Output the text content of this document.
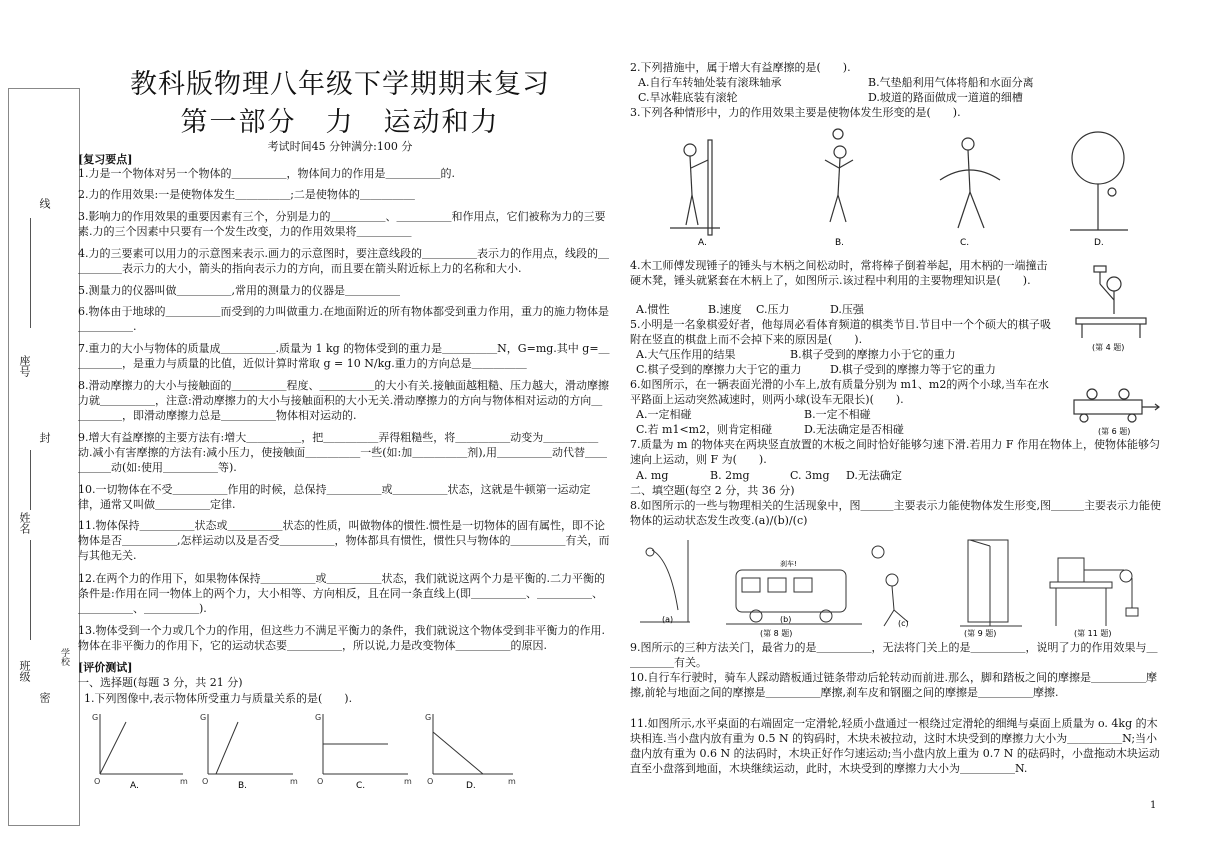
线
座号
封
姓名
班级
密
学校
教科版物理八年级下学期期末复习
第一部分　力　运动和力
考试时间45 分钟满分:100 分
[复习要点]
1.力是一个物体对另一个物体的＿＿＿＿＿，物体间力的作用是＿＿＿＿＿的.
2.力的作用效果:一是使物体发生＿＿＿＿＿;二是使物体的＿＿＿＿＿
3.影响力的作用效果的重要因素有三个，分别是力的＿＿＿＿＿、＿＿＿＿＿和作用点，它们被称为力的三要素.力的三个因素中只要有一个发生改变，力的作用效果将＿＿＿＿＿
4.力的三要素可以用力的示意图来表示.画力的示意图时，要注意线段的＿＿＿＿＿表示力的作用点，线段的＿＿＿＿＿表示力的大小，箭头的指向表示力的方向，而且要在箭头附近标上力的名称和大小.
5.测量力的仪器叫做＿＿＿＿＿,常用的测量力的仪器是＿＿＿＿＿
6.物体由于地球的＿＿＿＿＿而受到的力叫做重力.在地面附近的所有物体都受到重力作用，重力的施力物体是＿＿＿＿＿.
7.重力的大小与物体的质量成＿＿＿＿＿.质量为 1 kg 的物体受到的重力是＿＿＿＿＿N，G=mg.其中 g=＿＿＿＿＿，是重力与质量的比值，近似计算时常取 g = 10 N/kg.重力的方向总是＿＿＿＿＿
8.滑动摩擦力的大小与接触面的＿＿＿＿＿程度、＿＿＿＿＿的大小有关.接触面越粗糙、压力越大，滑动摩擦力就＿＿＿＿＿，注意:滑动摩擦力的大小与接触面积的大小无关.滑动摩擦力的方向与物体相对运动的方向＿＿＿＿＿，即滑动摩擦力总是＿＿＿＿＿物体相对运动的.
9.增大有益摩擦的主要方法有:增大＿＿＿＿＿，把＿＿＿＿＿弄得粗糙些，将＿＿＿＿＿动变为＿＿＿＿＿动.减小有害摩擦的方法有:减小压力，使接触面＿＿＿＿＿一些(如:加＿＿＿＿＿剂),用＿＿＿＿＿动代替＿＿＿＿＿动(如:使用＿＿＿＿＿等).
10.一切物体在不受＿＿＿＿＿作用的时候，总保持＿＿＿＿＿或＿＿＿＿＿状态，这就是牛顿第一运动定律，通常又叫做＿＿＿＿＿定律.
11.物体保持＿＿＿＿＿状态或＿＿＿＿＿状态的性质，叫做物体的惯性.惯性是一切物体的固有属性，即不论物体是否＿＿＿＿＿,怎样运动以及是否受＿＿＿＿＿，物体都具有惯性，惯性只与物体的＿＿＿＿＿有关，而与其他无关.
12.在两个力的作用下，如果物体保持＿＿＿＿＿或＿＿＿＿＿状态，我们就说这两个力是平衡的.二力平衡的条件是:作用在同一物体上的两个力，大小相等、方向相反，且在同一条直线上(即＿＿＿＿＿、＿＿＿＿＿、＿＿＿＿＿、＿＿＿＿＿).
13.物体受到一个力或几个力的作用，但这些力不满足平衡力的条件，我们就说这个物体受到非平衡力的作用.物体在非平衡力的作用下，它的运动状态要＿＿＿＿＿，所以说,力是改变物体＿＿＿＿＿的原因.
[评价测试]
一、选择题(每题 3 分，共 21 分)
1.下列图像中,表示物体所受重力与质量关系的是(　　).
G
m
O
G
m
O
G
m
O
G
m
O
A.	B.	C.	D.
2.下列措施中，属于增大有益摩擦的是(　　).
A.自行车转轴处装有滚珠轴承	B.气垫船利用气体将船和水面分离
C.旱冰鞋底装有滚轮	D.坡道的路面做成一道道的细槽
3.下列各种情形中，力的作用效果主要是使物体发生形变的是(　　).
A.	B.	C.	D.
4.木工师傅发现锤子的锤头与木柄之间松动时，常将棒子倒着举起，用木柄的一端撞击硬木凳，锤头就紧套在木柄上了，如图所示.该过程中利用的主要物理知识是(　　).
A.惯性	B.速度 C.压力	D.压强
(第 4 题)
5.小明是一名象棋爱好者，他每周必看体育频道的棋类节目.节目中一个个硕大的棋子吸附在竖直的棋盘上而不会掉下来的原因是(　　).
A.大气压作用的结果	B.棋子受到的摩擦力小于它的重力
C.棋子受到的摩擦力大于它的重力	D.棋子受到的摩擦力等于它的重力
6.如图所示，在一辆表面光滑的小车上,放有质量分别为 m1、m2的两个小球,当车在水平路面上运动突然减速时，则两小球(设车无限长)(　　).
A.一定相碰	B.一定不相碰
C.若 m1<m2，则肯定相碰	D.无法确定是否相碰	(第 6 题)
7.质量为 m 的物体夹在两块竖直放置的木板之间时恰好能够匀速下滑.若用力 F 作用在物体上，使物体能够匀速向上运动，则 F 为(　　).
A. mg	B. 2mg	C. 3mg D.无法确定
二、填空题(每空 2 分，共 36 分)
8.如图所示的一些与物理相关的生活现象中，图＿＿＿主要表示力能使物体发生形变,图＿＿＿主要表示力能使物体的运动状态发生改变.(a)/(b)/(c)
(a)	(b)
刹车!
(c)
(第 8 题)	(第 9 题)	(第 11 题)
9.图所示的三种方法关门，最省力的是＿＿＿＿＿，无法将门关上的是＿＿＿＿＿，说明了力的作用效果与＿＿＿＿＿有关。
10.自行车行驶时，骑车人踩动踏板通过链条带动后轮转动而前进.那么，脚和踏板之间的摩擦是＿＿＿＿＿摩擦,前轮与地面之间的摩擦是＿＿＿＿＿摩擦,刹车皮和钢圈之间的摩擦是＿＿＿＿＿摩擦.
11.如图所示,水平桌面的右端固定一定滑轮,轻质小盘通过一根绕过定滑轮的细绳与桌面上质量为 o. 4kg 的木块相连.当小盘内放有重为 0.5 N 的钩码时，木块未被拉动，这时木块受到的摩擦力大小为＿＿＿＿＿N;当小盘内放有重为 0.6 N 的法码时，木块正好作匀速运动;当小盘内放上重为 0.7 N 的砝码时，小盘拖动木块运动直至小盘落到地面，木块继续运动，此时，木块受到的摩擦力大小为＿＿＿＿＿N.
1
